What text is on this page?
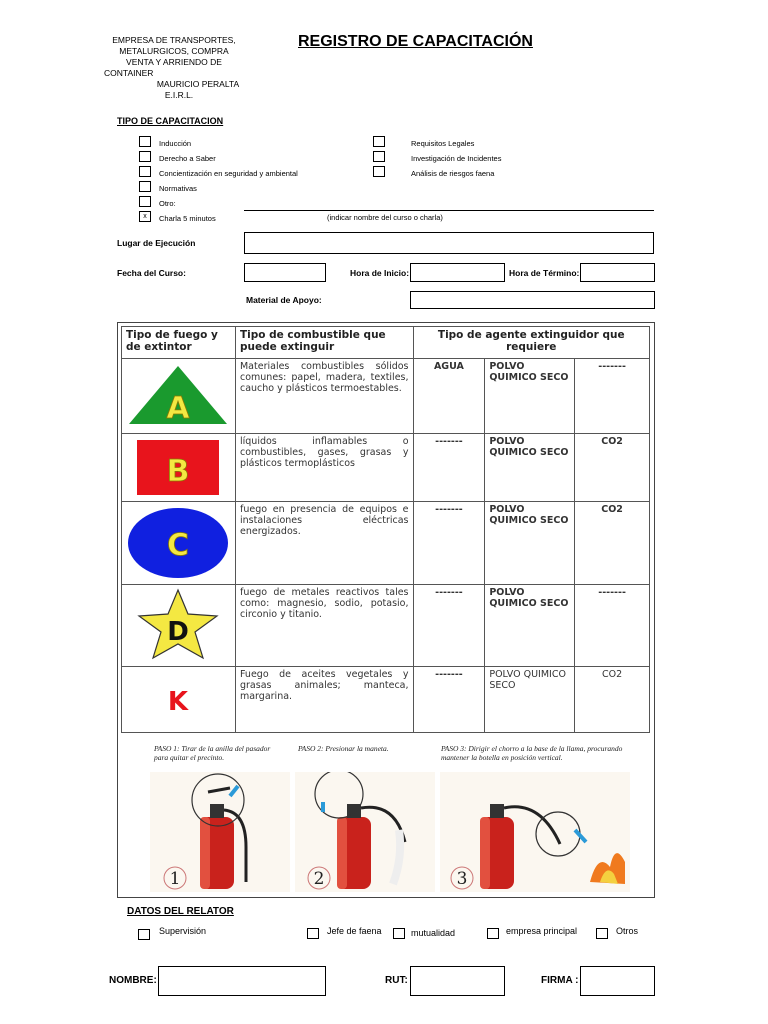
EMPRESA DE TRANSPORTES,
METALURGICOS, COMPRA
VENTA Y ARRIENDO DE
CONTAINER
MAURICIO PERALTA
E.I.R.L.
REGISTRO DE CAPACITACIÓN
TIPO DE CAPACITACION
Inducción
Derecho a Saber
Concientización en seguridad y ambiental
Normativas
Otro:
x	Charla 5 minutos
Requisitos Legales
Investigación de Incidentes
Análisis de riesgos faena
(indicar nombre del curso o charla)
Lugar de Ejecución
Fecha del Curso:	Hora de Inicio:	Hora de Término:
Material de Apoyo:
Tipo de fuego y de extintor	Tipo de combustible que puede extinguir	Tipo de agente extinguidor que requiere		

A	Materiales combustibles sólidos comunes: papel, madera, textiles, caucho y plásticos termoestables.	AGUA	POLVO QUIMICO SECO	-------

B	líquidos inflamables o combustibles, gases, grasas y plásticos termoplásticos	-------	POLVO QUIMICO SECO	CO2

C	fuego en presencia de equipos e instalaciones eléctricas energizados.	-------	POLVO QUIMICO SECO	CO2

D	fuego de metales reactivos tales como: magnesio, sodio, potasio, circonio y titanio.	-------	POLVO QUIMICO SECO	-------

K	Fuego de aceites vegetales y grasas animales; manteca, margarina.	-------	POLVO QUIMICO SECO	CO2
PASO 1: Tirar de la anilla del pasador para quitar el precinto.
PASO 2: Presionar la maneta.	PASO 3: Dirigir el chorro a la base de la llama, procurando mantener la botella en posición vertical.
1	2	3
DATOS DEL RELATOR
Supervisión	Jefe de faena	mutualidad	empresa principal	Otros
NOMBRE:	RUT:	FIRMA :
